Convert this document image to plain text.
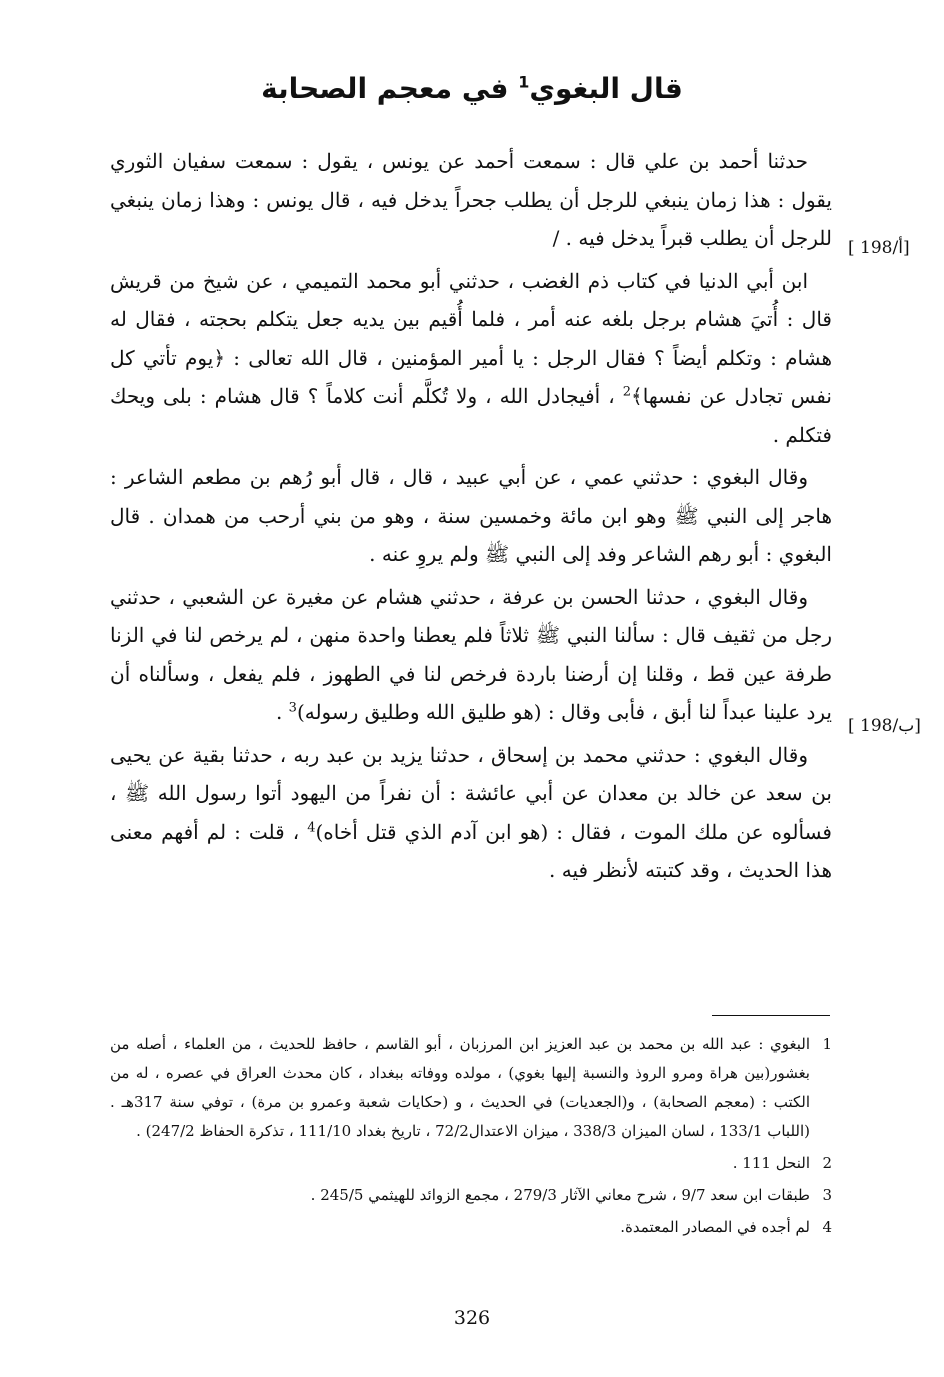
قال البغوي$^1$ في معجم الصحابة
[ 198/أ]
[ 198/ب]

حدثنا أحمد بن علي قال : سمعت أحمد عن يونس ، يقول : سمعت سفيان الثوري يقول : هذا زمان ينبغي للرجل أن يطلب جحراً يدخل فيه ، قال يونس : وهذا زمان ينبغي للرجل أن يطلب قبراً يدخل فيه . /

ابن أبي الدنيا في كتاب ذم الغضب ، حدثني أبو محمد التميمي ، عن شيخ من قريش قال : أُتيَ هشام برجل بلغه عنه أمر ، فلما أُقيم بين يديه جعل يتكلم بحجته ، فقال له هشام : وتكلم أيضاً ؟ فقال الرجل : يا أمير المؤمنين ، قال الله تعالى : ﴿يوم تأتي كل نفس تجادل عن نفسها﴾$^2$ ، أفيجادل الله ، ولا تُكلَّم أنت كلاماً ؟ قال هشام : بلى ويحك فتكلم .

وقال البغوي : حدثني عمي ، عن أبي عبيد ، قال ، قال أبو رُهم بن مطعم الشاعر : هاجر إلى النبي ﷺ وهو ابن مائة وخمسين سنة ، وهو من بني أرحب من همدان . قال البغوي : أبو رهم الشاعر وفد إلى النبي ﷺ ولم يروِ عنه .

وقال البغوي ، حدثنا الحسن بن عرفة ، حدثني هشام عن مغيرة عن الشعبي ، حدثني رجل من ثقيف قال : سألنا النبي ﷺ ثلاثاً فلم يعطنا واحدة منهن ، لم يرخص لنا في الزنا طرفة عين قط ، وقلنا إن أرضنا باردة فرخص لنا في الطهوز ، فلم يفعل ، وسألناه أن يرد علينا عبداً لنا أبق ، فأبى وقال : (هو طليق الله وطليق رسوله)$^3$ .

وقال البغوي : حدثني محمد بن إسحاق ، حدثنا يزيد بن عبد ربه ، حدثنا بقية عن يحيى بن سعد عن خالد بن معدان عن أبي عائشة : أن نفراً من اليهود أتوا رسول الله ﷺ ، فسألوه عن ملك الموت ، فقال : (هو ابن آدم الذي قتل أخاه)$^4$ ، قلت : لم أفهم معنى هذا الحديث ، وقد كتبته لأنظر فيه .

1
البغوي : عبد الله بن محمد بن عبد العزيز ابن المرزبان ، أبو القاسم ، حافظ للحديث ، من العلماء ، أصله من بغشور(بين هراة ومرو الروذ والنسبة إليها بغوي) ، مولده ووفاته ببغداد ، كان محدث العراق في عصره ، له من الكتب : (معجم الصحابة) ، و(الجعديات) في الحديث ، و (حكايات شعبة وعمرو بن مرة) ، توفي سنة 317هـ . (اللباب 133/1 ، لسان الميزان 338/3 ، ميزان الاعتدال72/2 ، تاريخ بغداد 111/10 ، تذكرة الحفاظ 247/2) .
2
النحل 111 .
3
طبقات ابن سعد 9/7 ، شرح معاني الآثار 279/3 ، مجمع الزوائد للهيثمي 245/5 .
4
لم أجده في المصادر المعتمدة.
326
